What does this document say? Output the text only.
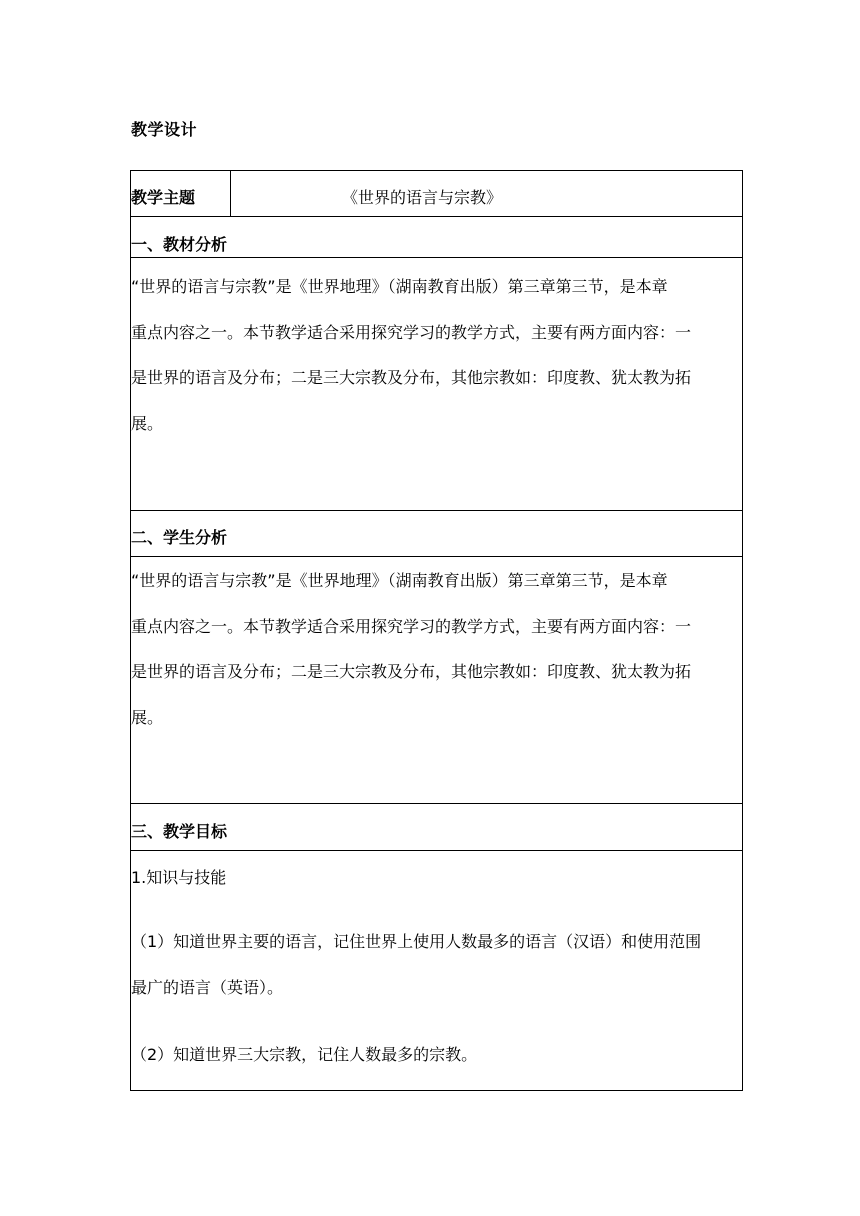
教学设计
教学主题	《世界的语言与宗教》
一、教材分析
“世界的语言与宗教”是《世界地理》（湖南教育出版）第三章第三节，是本章
重点内容之一。本节教学适合采用探究学习的教学方式，主要有两方面内容：一
是世界的语言及分布；二是三大宗教及分布，其他宗教如：印度教、犹太教为拓
展。
二、学生分析
“世界的语言与宗教”是《世界地理》（湖南教育出版）第三章第三节，是本章
重点内容之一。本节教学适合采用探究学习的教学方式，主要有两方面内容：一
是世界的语言及分布；二是三大宗教及分布，其他宗教如：印度教、犹太教为拓
展。
三、教学目标
1.知识与技能
（1）知道世界主要的语言，记住世界上使用人数最多的语言（汉语）和使用范围
最广的语言（英语）。
（2）知道世界三大宗教，记住人数最多的宗教。
